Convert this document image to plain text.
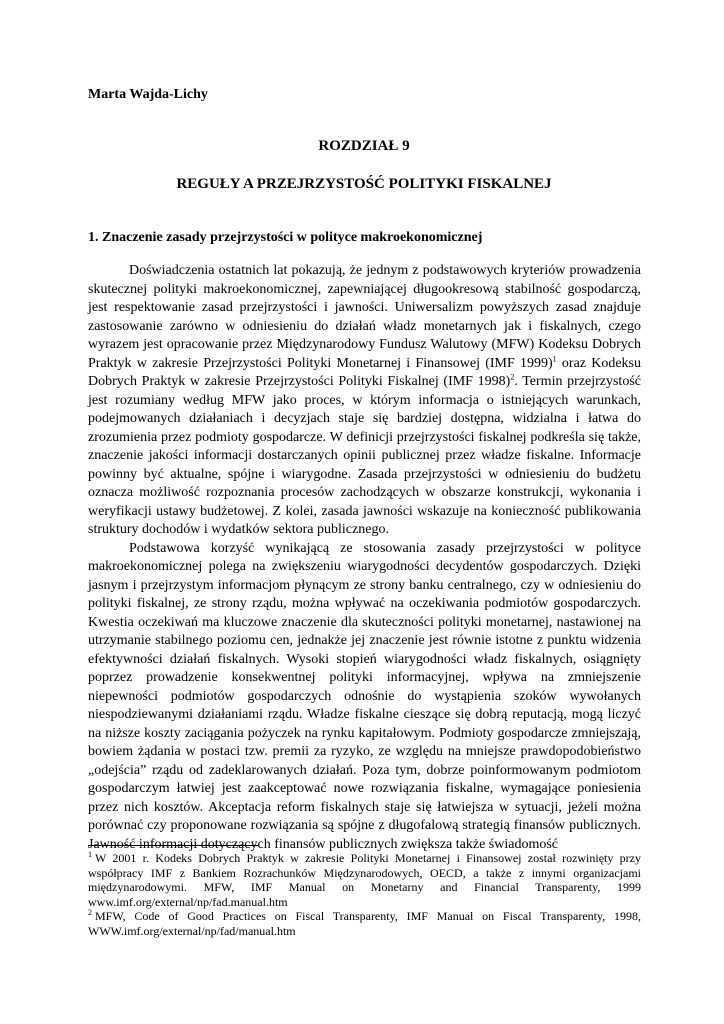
Marta Wajda-Lichy
ROZDZIAŁ 9
REGUŁY A PRZEJRZYSTOŚĆ POLITYKI FISKALNEJ
1. Znaczenie zasady przejrzystości w polityce makroekonomicznej

Doświadczenia ostatnich lat pokazują, że jednym z podstawowych kryteriów prowadzenia skutecznej polityki makroekonomicznej, zapewniającej długookresową stabilność gospodarczą, jest respektowanie zasad przejrzystości i jawności. Uniwersalizm powyższych zasad znajduje zastosowanie zarówno w odniesieniu do działań władz monetarnych jak i fiskalnych, czego wyrazem jest opracowanie przez Międzynarodowy Fundusz Walutowy (MFW) Kodeksu Dobrych Praktyk w zakresie Przejrzystości Polityki Monetarnej i Finansowej (IMF 1999)$^1$ oraz Kodeksu Dobrych Praktyk w zakresie Przejrzystości Polityki Fiskalnej (IMF 1998)$^2$. Termin przejrzystość jest rozumiany według MFW jako proces, w którym informacja o istniejących warunkach, podejmowanych działaniach i decyzjach staje się bardziej dostępna, widzialna i łatwa do zrozumienia przez podmioty gospodarcze. W definicji przejrzystości fiskalnej podkreśla się także, znaczenie jakości informacji dostarczanych opinii publicznej przez władze fiskalne. Informacje powinny być aktualne, spójne i wiarygodne. Zasada przejrzystości w odniesieniu do budżetu oznacza możliwość rozpoznania procesów zachodzących w obszarze konstrukcji, wykonania i weryfikacji ustawy budżetowej. Z kolei, zasada jawności wskazuje na konieczność publikowania struktury dochodów i wydatków sektora publicznego.

Podstawowa korzyść wynikającą ze stosowania zasady przejrzystości w polityce makroekonomicznej polega na zwiększeniu wiarygodności decydentów gospodarczych. Dzięki jasnym i przejrzystym informacjom płynącym ze strony banku centralnego, czy w odniesieniu do polityki fiskalnej, ze strony rządu, można wpływać na oczekiwania podmiotów gospodarczych. Kwestia oczekiwań ma kluczowe znaczenie dla skuteczności polityki monetarnej, nastawionej na utrzymanie stabilnego poziomu cen, jednakże jej znaczenie jest równie istotne z punktu widzenia efektywności działań fiskalnych. Wysoki stopień wiarygodności władz fiskalnych, osiągnięty poprzez prowadzenie konsekwentnej polityki informacyjnej, wpływa na zmniejszenie niepewności podmiotów gospodarczych odnośnie do wystąpienia szoków wywołanych niespodziewanymi działaniami rządu. Władze fiskalne cieszące się dobrą reputacją, mogą liczyć na niższe koszty zaciągania pożyczek na rynku kapitałowym. Podmioty gospodarcze zmniejszają, bowiem żądania w postaci tzw. premii za ryzyko, ze względu na mniejsze prawdopodobieństwo „odejścia” rządu od zadeklarowanych działań. Poza tym, dobrze poinformowanym podmiotom gospodarczym łatwiej jest zaakceptować nowe rozwiązania fiskalne, wymagające poniesienia przez nich kosztów. Akceptacja reform fiskalnych staje się łatwiejsza w sytuacji, jeżeli można porównać czy proponowane rozwiązania są spójne z długofalową strategią finansów publicznych. Jawność informacji dotyczących finansów publicznych zwiększa także świadomość

$^1$ W 2001 r. Kodeks Dobrych Praktyk w zakresie Polityki Monetarnej i Finansowej został rozwinięty przy współpracy IMF z Bankiem Rozrachunków Międzynarodowych, OECD, a także z innymi organizacjami międzynarodowymi. MFW, IMF Manual on Monetarny and Financial Transparenty, 1999 www.imf.org/external/np/fad.manual.htm

$^2$ MFW, Code of Good Practices on Fiscal Transparenty, IMF Manual on Fiscal Transparenty, 1998, WWW.imf.org/external/np/fad/manual.htm
